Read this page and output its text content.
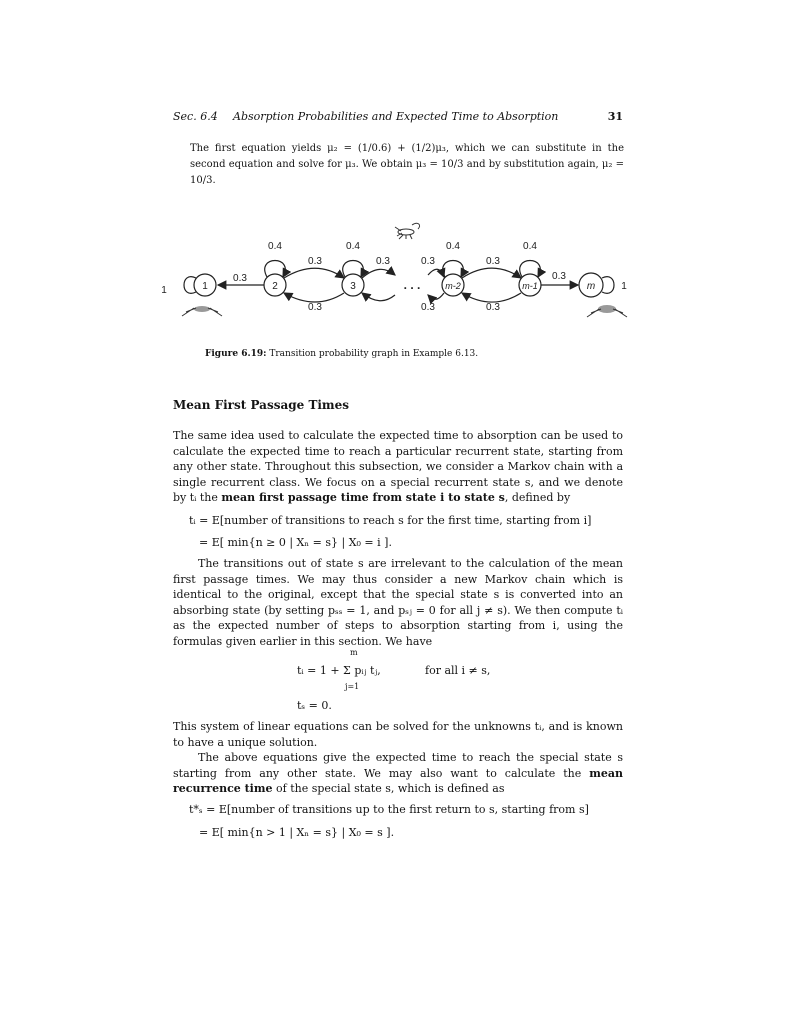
Sec. 6.4 Absorption Probabilities and Expected Time to Absorption	31

The first equation yields μ₂ = (1/0.6) + (1/2)μ₃, which we can substitute in the second equation and solve for μ₃. We obtain μ₃ = 10/3 and by substitution again, μ₂ = 10/3.

1	2	3	m-2	m-1	m
. . .
1	1
0.4	0.4	0.4	0.4
0.3
0.3	0.3	0.3	0.3
0.3
0.3	0.3	0.3
Figure 6.19: Transition probability graph in Example 6.13.
Mean First Passage Times

The same idea used to calculate the expected time to absorption can be used to calculate the expected time to reach a particular recurrent state, starting from any other state. Throughout this subsection, we consider a Markov chain with a single recurrent class. We focus on a special recurrent state s, and we denote by tᵢ the mean first passage time from state i to state s, defined by

tᵢ = E[number of transitions to reach s for the first time, starting from i]
= E[ min{n ≥ 0 | Xₙ = s} | X₀ = i ].

The transitions out of state s are irrelevant to the calculation of the mean first passage times. We may thus consider a new Markov chain which is identical to the original, except that the special state s is converted into an absorbing state (by setting pₛₛ = 1, and pₛⱼ = 0 for all j ≠ s). We then compute tᵢ as the expected number of steps to absorption starting from i, using the formulas given earlier in this section. We have

m
tᵢ = 1 + Σ pᵢⱼ tⱼ,
j=1
for all i ≠ s,
tₛ = 0.

This system of linear equations can be solved for the unknowns tᵢ, and is known to have a unique solution.

The above equations give the expected time to reach the special state s starting from any other state. We may also want to calculate the mean recurrence time of the special state s, which is defined as

t*ₛ = E[number of transitions up to the first return to s, starting from s]
= E[ min{n > 1 | Xₙ = s} | X₀ = s ].
